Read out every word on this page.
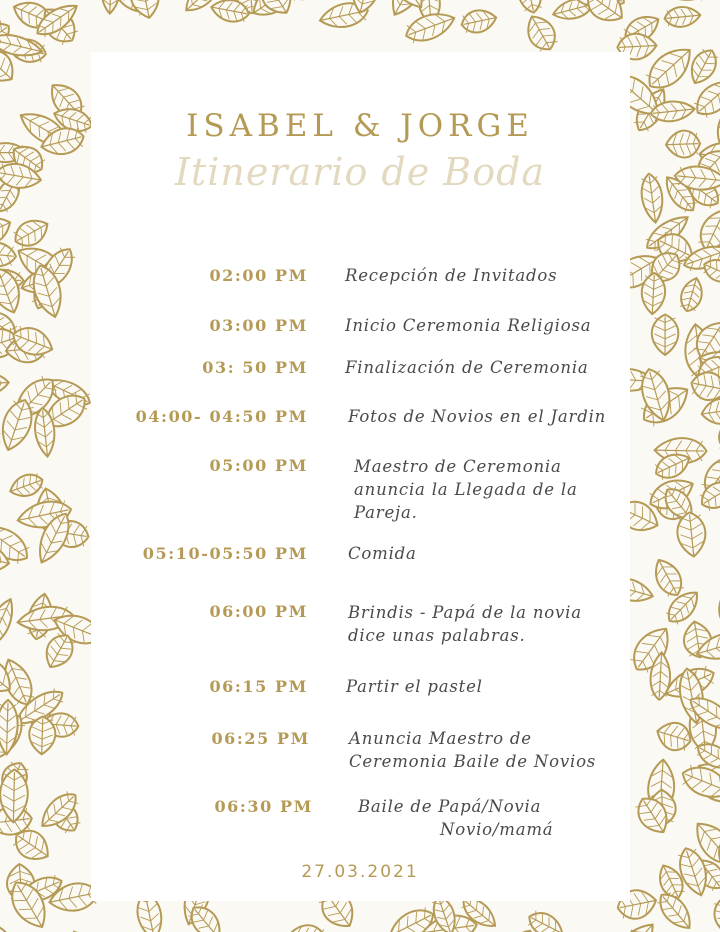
ISABEL & JORGE
Itinerario de Boda
02:00 PM Recepción de Invitados
03:00 PM Inicio Ceremonia Religiosa
03: 50 PM Finalización de Ceremonia
04:00- 04:50 PM Fotos de Novios en el Jardin
05:00 PM	Maestro de Ceremonia
anuncia la Llegada de la
Pareja.
05:10-05:50 PM Comida
06:00 PM Brindis - Papá de la novia
dice unas palabras.
06:15 PM Partir el pastel
06:25 PM Anuncia Maestro de
Ceremonia Baile de Novios
06:30 PM	Baile de Papá/Novia
Novio/mamá
27.03.2021
